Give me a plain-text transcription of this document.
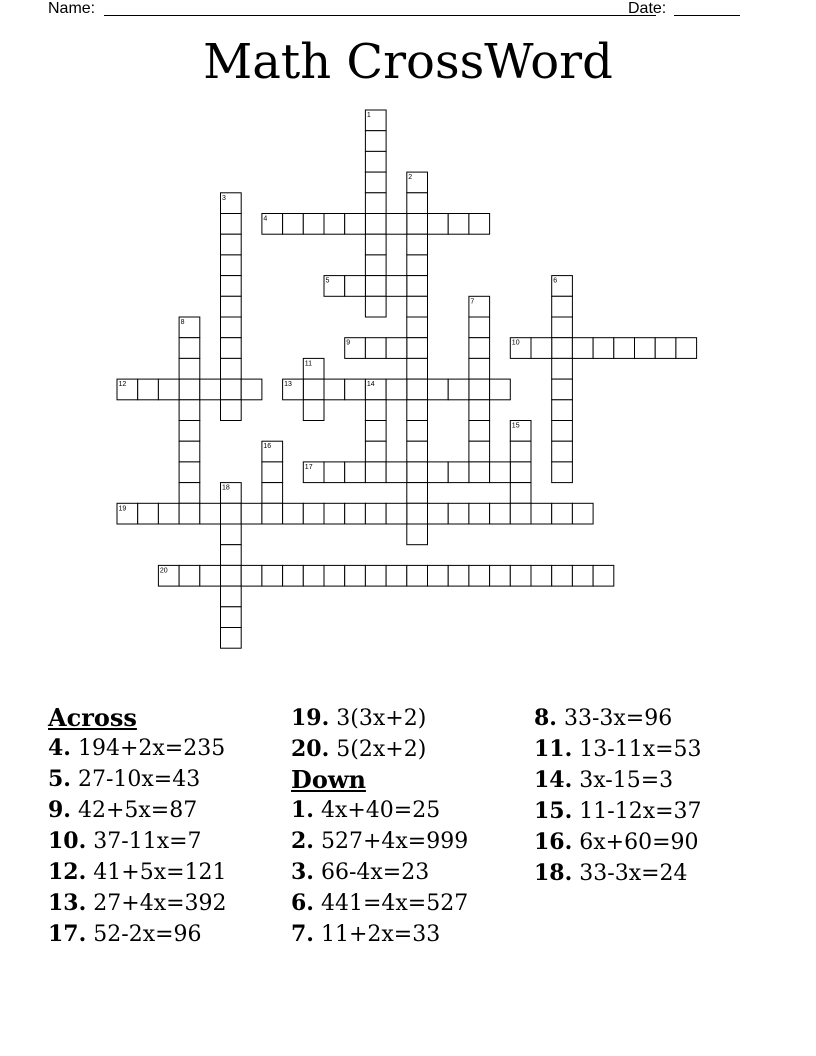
Name:	Date:
Math CrossWord
1
2
3
4
5	6
7
8
9	10
11
12	13	14
15
16
17
18
19
20
Across
4. 194+2x=235
5. 27-10x=43
9. 42+5x=87
10. 37-11x=7
12. 41+5x=121
13. 27+4x=392
17. 52-2x=96
19. 3(3x+2)
20. 5(2x+2)
Down
1. 4x+40=25
2. 527+4x=999
3. 66-4x=23
6. 441=4x=527
7. 11+2x=33
8. 33-3x=96
11. 13-11x=53
14. 3x-15=3
15. 11-12x=37
16. 6x+60=90
18. 33-3x=24
